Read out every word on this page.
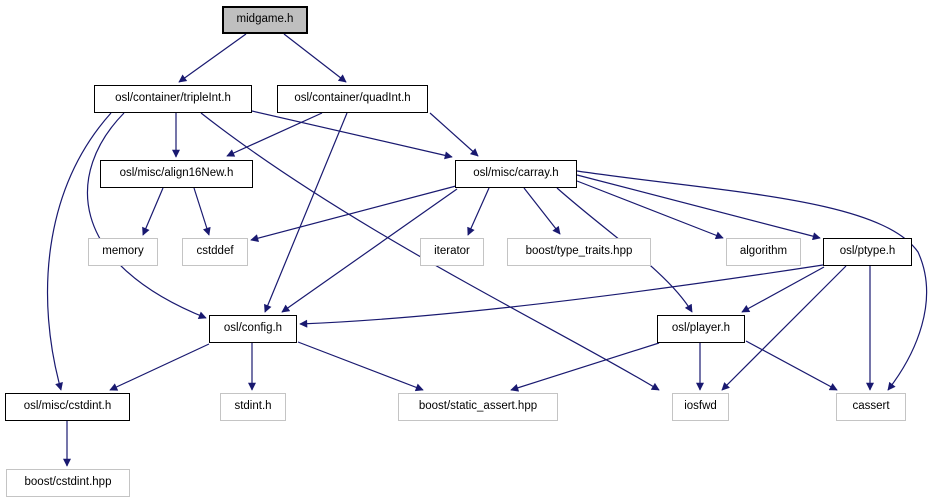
midgame.h
osl/container/tripleInt.h	osl/container/quadInt.h
osl/misc/align16New.h	osl/misc/carray.h
memory	cstddef	iterator	boost/type_traits.hpp	algorithm	osl/ptype.h
osl/config.h	osl/player.h
osl/misc/cstdint.h	stdint.h	boost/static_assert.hpp	iosfwd	cassert
boost/cstdint.hpp
